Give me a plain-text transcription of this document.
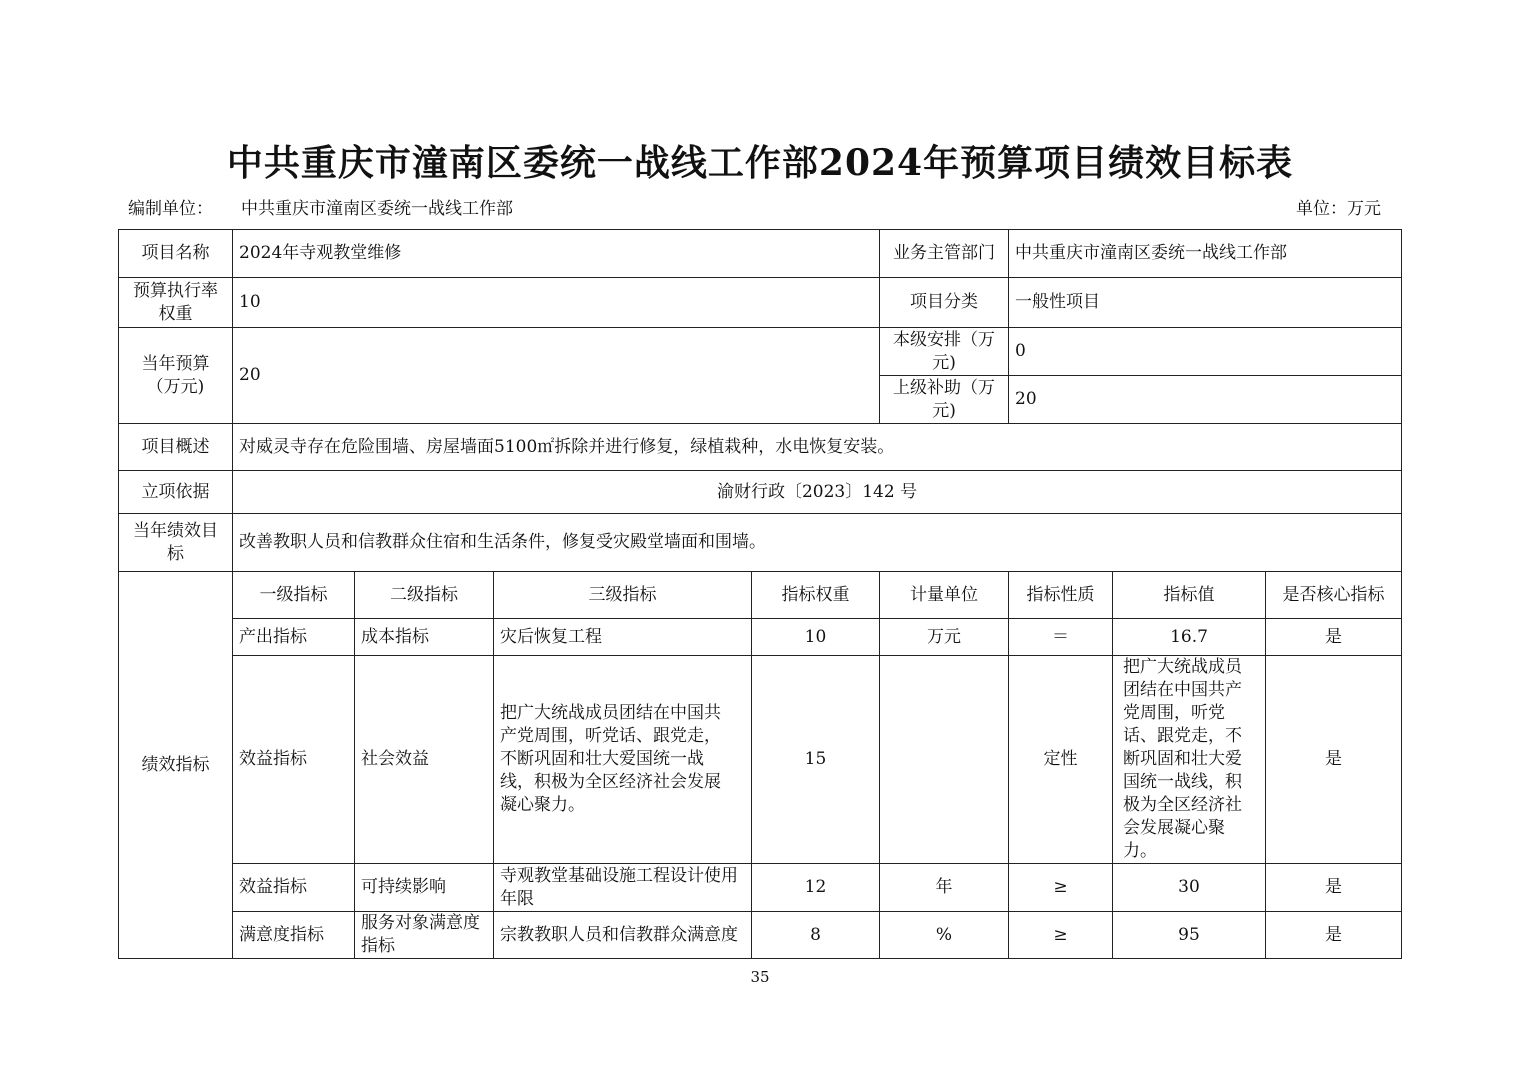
中共重庆市潼南区委统一战线工作部2024年预算项目绩效目标表
编制单位： 中共重庆市潼南区委统一战线工作部	单位：万元
项目名称	2024年寺观教堂维修	业务主管部门	中共重庆市潼南区委统一战线工作部
预算执行率权重	10	项目分类	一般性项目
当年预算（万元)	20	本级安排（万元)	0
		上级补助（万元)	20
项目概述	对威灵寺存在危险围墙、房屋墙面5100㎡拆除并进行修复，绿植栽种，水电恢复安装。		
立项依据	渝财行政〔2023〕142 号		
当年绩效目标	改善教职人员和信教群众住宿和生活条件，修复受灾殿堂墙面和围墙。		
绩效指标	一级指标	二级指标	三级指标	指标权重	计量单位	指标性质	指标值	是否核心指标
	产出指标	成本指标	灾后恢复工程	10	万元	＝	16.7	是
	效益指标	社会效益	把广大统战成员团结在中国共产党周围，听党话、跟党走，不断巩固和壮大爱国统一战线，积极为全区经济社会发展凝心聚力。	15		定性	把广大统战成员团结在中国共产党周围，听党话、跟党走，不断巩固和壮大爱国统一战线，积极为全区经济社会发展凝心聚力。	是
	效益指标	可持续影响	寺观教堂基础设施工程设计使用年限	12	年	≥	30	是
	满意度指标	服务对象满意度指标	宗教教职人员和信教群众满意度	8	%	≥	95	是
35
